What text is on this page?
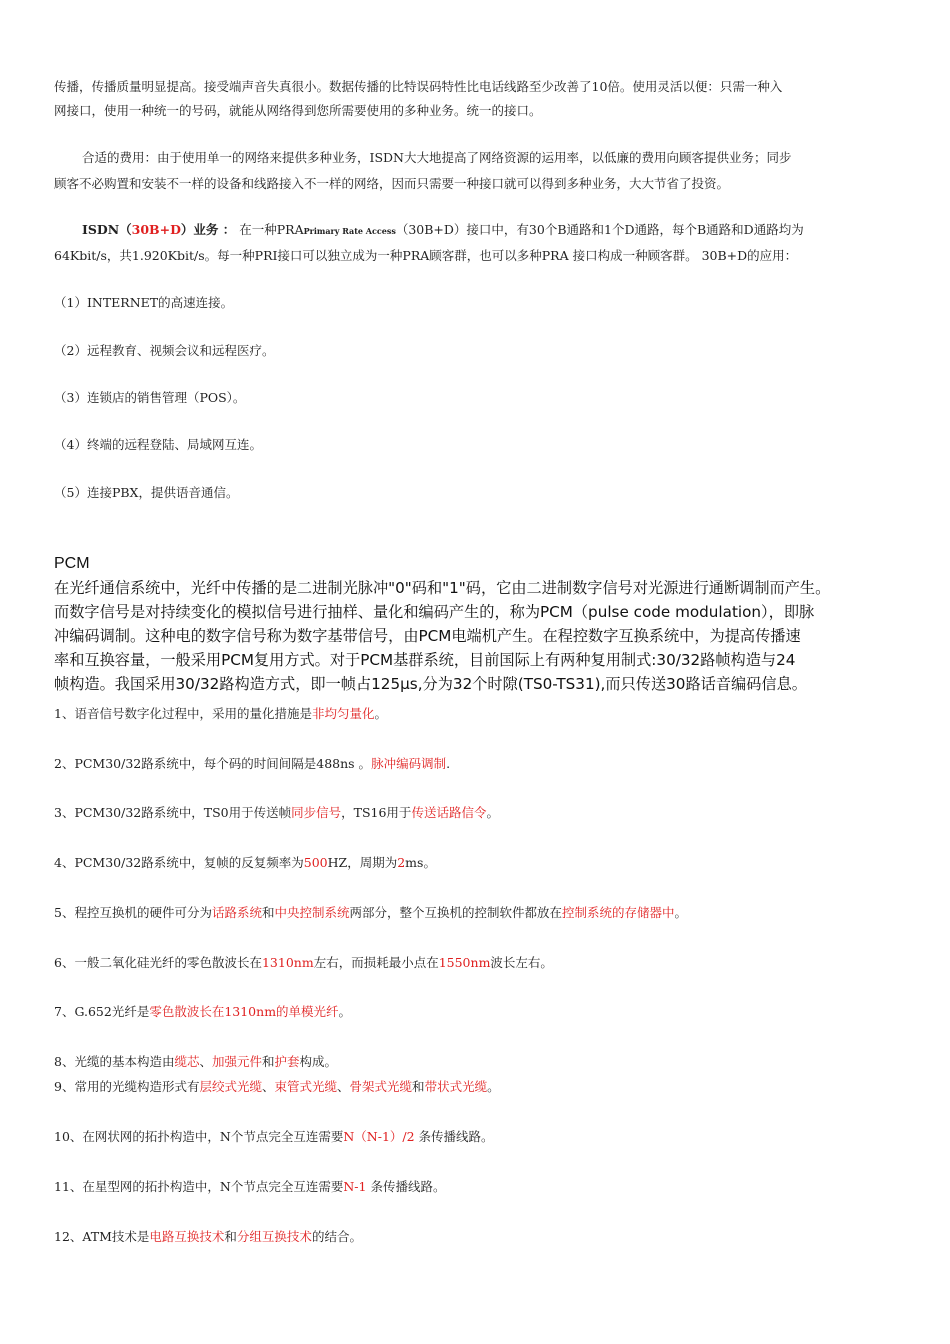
传播，传播质量明显提高。接受端声音失真很小。数据传播的比特误码特性比电话线路至少改善了10倍。使用灵活以便：只需一种入
网接口，使用一种统一的号码，就能从网络得到您所需要使用的多种业务。统一的接口。
合适的费用：由于使用单一的网络来提供多种业务，ISDN大大地提高了网络资源的运用率，以低廉的费用向顾客提供业务；同步
顾客不必购置和安装不一样的设备和线路接入不一样的网络，因而只需要一种接口就可以得到多种业务，大大节省了投资。
ISDN（30B+D）业务 ： 在一种PRAPrimary Rate Access（30B+D）接口中，有30个B通路和1个D通路，每个B通路和D通路均为
64Kbit/s，共1.920Kbit/s。每一种PRI接口可以独立成为一种PRA顾客群，也可以多种PRA 接口构成一种顾客群。 30B+D的应用：
（1）INTERNET的高速连接。
（2）远程教育、视频会议和远程医疗。
（3）连锁店的销售管理（POS）。
（4）终端的远程登陆、局域网互连。
（5）连接PBX，提供语音通信。
PCM
在光纤通信系统中，光纤中传播的是二进制光脉冲"0"码和"1"码，它由二进制数字信号对光源进行通断调制而产生。
而数字信号是对持续变化的模拟信号进行抽样、量化和编码产生的，称为PCM（pulse code modulation），即脉
冲编码调制。这种电的数字信号称为数字基带信号，由PCM电端机产生。在程控数字互换系统中，为提高传播速
率和互换容量，一般采用PCM复用方式。对于PCM基群系统，目前国际上有两种复用制式:30/32路帧构造与24
帧构造。我国采用30/32路构造方式，即一帧占125μs,分为32个时隙(TS0-TS31),而只传送30路话音编码信息。
1、语音信号数字化过程中，采用的量化措施是非均匀量化。
2、PCM30/32路系统中，每个码的时间间隔是488ns 。脉冲编码调制.
3、PCM30/32路系统中，TS0用于传送帧同步信号，TS16用于传送话路信令。
4、PCM30/32路系统中，复帧的反复频率为500HZ，周期为2ms。
5、程控互换机的硬件可分为话路系统和中央控制系统两部分，整个互换机的控制软件都放在控制系统的存储器中。
6、一般二氧化硅光纤的零色散波长在1310nm左右，而损耗最小点在1550nm波长左右。
7、G.652光纤是零色散波长在1310nm的单模光纤。
8、光缆的基本构造由缆芯、加强元件和护套构成。
9、常用的光缆构造形式有层绞式光缆、束管式光缆、骨架式光缆和带状式光缆。
10、在网状网的拓扑构造中，N个节点完全互连需要N（N-1）/2 条传播线路。
11、在星型网的拓扑构造中，N个节点完全互连需要N-1 条传播线路。
12、ATM技术是电路互换技术和分组互换技术的结合。
